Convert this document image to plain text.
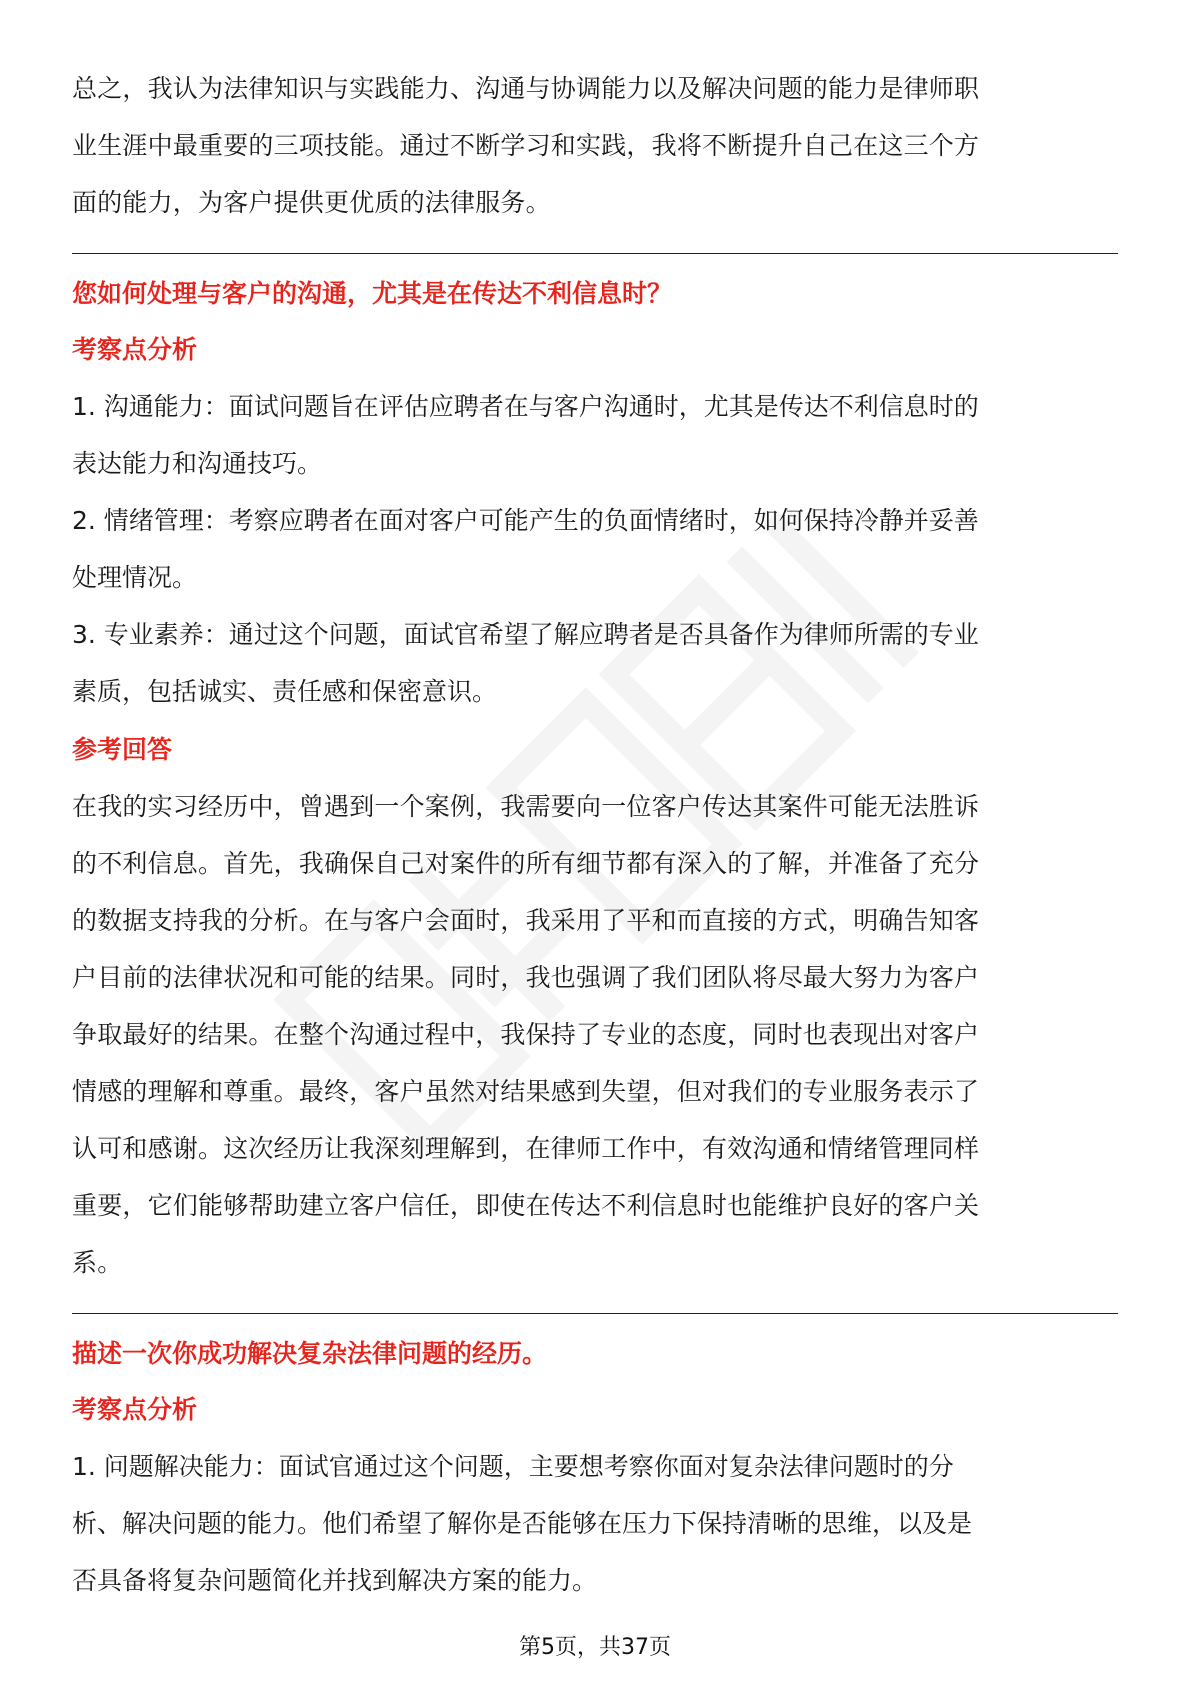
总之，我认为法律知识与实践能力、沟通与协调能力以及解决问题的能力是律师职

业生涯中最重要的三项技能。通过不断学习和实践，我将不断提升自己在这三个方

面的能力，为客户提供更优质的法律服务。

您如何处理与客户的沟通，尤其是在传达不利信息时？

考察点分析

1. 沟通能力：面试问题旨在评估应聘者在与客户沟通时，尤其是传达不利信息时的

表达能力和沟通技巧。

2. 情绪管理：考察应聘者在面对客户可能产生的负面情绪时，如何保持冷静并妥善

处理情况。

3. 专业素养：通过这个问题，面试官希望了解应聘者是否具备作为律师所需的专业

素质，包括诚实、责任感和保密意识。

参考回答

在我的实习经历中，曾遇到一个案例，我需要向一位客户传达其案件可能无法胜诉

的不利信息。首先，我确保自己对案件的所有细节都有深入的了解，并准备了充分

的数据支持我的分析。在与客户会面时，我采用了平和而直接的方式，明确告知客

户目前的法律状况和可能的结果。同时，我也强调了我们团队将尽最大努力为客户

争取最好的结果。在整个沟通过程中，我保持了专业的态度，同时也表现出对客户

情感的理解和尊重。最终，客户虽然对结果感到失望，但对我们的专业服务表示了

认可和感谢。这次经历让我深刻理解到，在律师工作中，有效沟通和情绪管理同样

重要，它们能够帮助建立客户信任，即使在传达不利信息时也能维护良好的客户关

系。

描述一次你成功解决复杂法律问题的经历。

考察点分析

1. 问题解决能力：面试官通过这个问题，主要想考察你面对复杂法律问题时的分

析、解决问题的能力。他们希望了解你是否能够在压力下保持清晰的思维，以及是

否具备将复杂问题简化并找到解决方案的能力。

第5页，共37页
